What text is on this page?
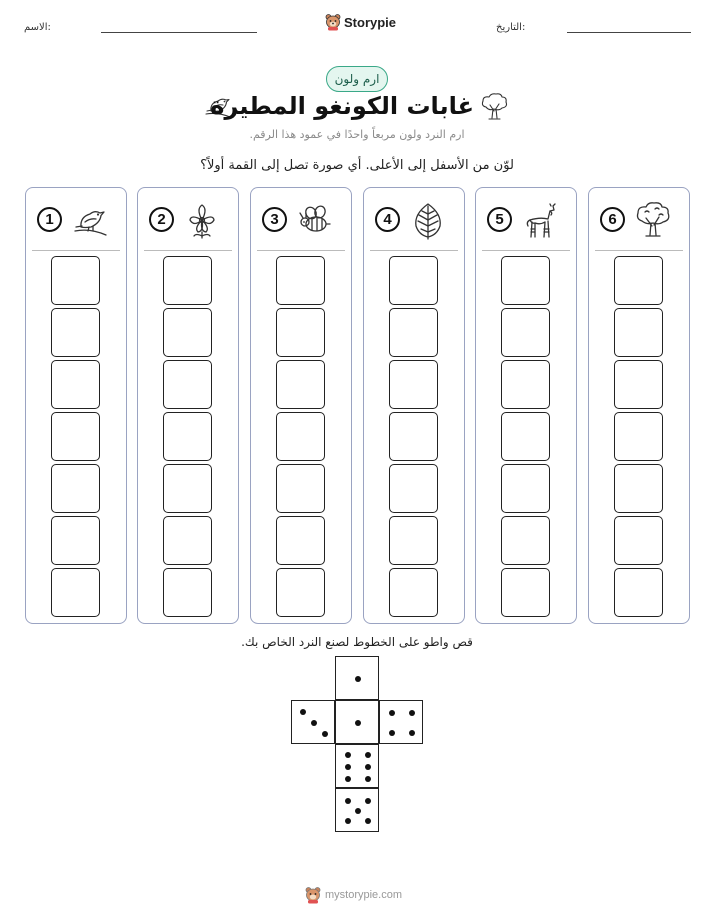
الاسم:	التاريخ:
Storypie
ارم ولون
غابات الكونغو المطيرة
ارم النرد ولون مربعاً واحدًا في عمود هذا الرقم.
لوّن من الأسفل إلى الأعلى. أي صورة تصل إلى القمة أولاً؟
1	2	3	4	5	6
قص واطو على الخطوط لصنع النرد الخاص بك.
mystorypie.com
